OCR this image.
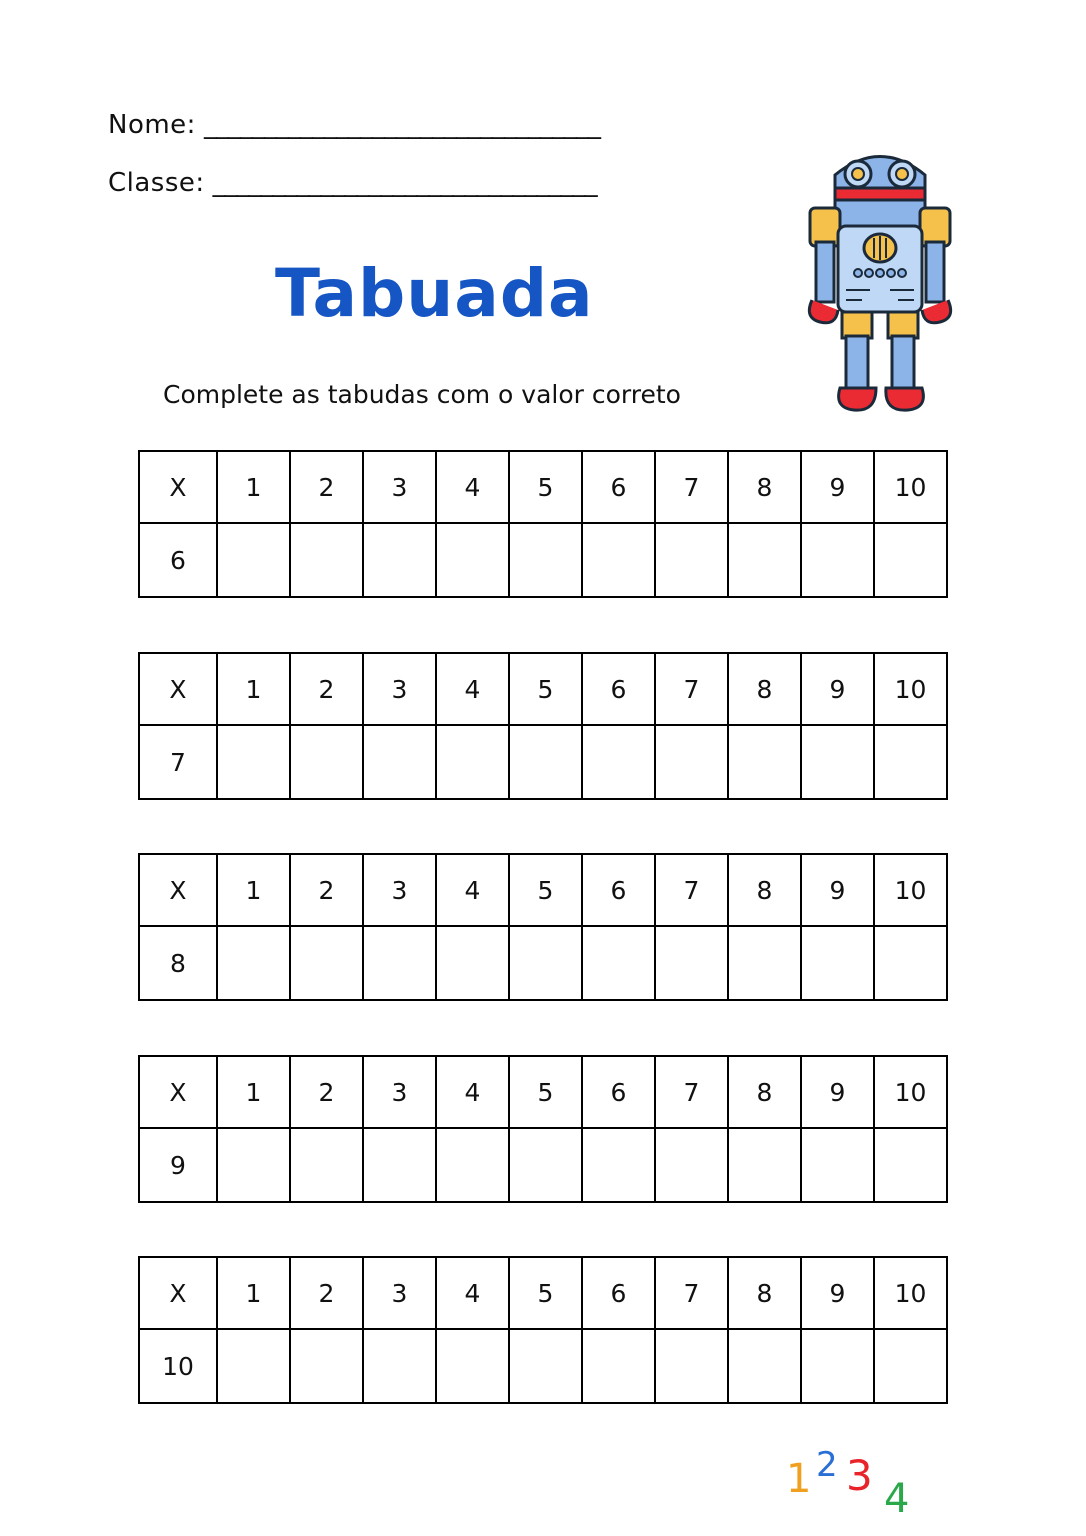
Nome: _________________________________
Classe: ________________________________
Tabuada
Complete as tabudas com o valor correto
X	1	2	3	4	5	6	7	8	9	10
6										
X	1	2	3	4	5	6	7	8	9	10
7										
X	1	2	3	4	5	6	7	8	9	10
8										
X	1	2	3	4	5	6	7	8	9	10
9										
X	1	2	3	4	5	6	7	8	9	10
10										
1 2 3 4
